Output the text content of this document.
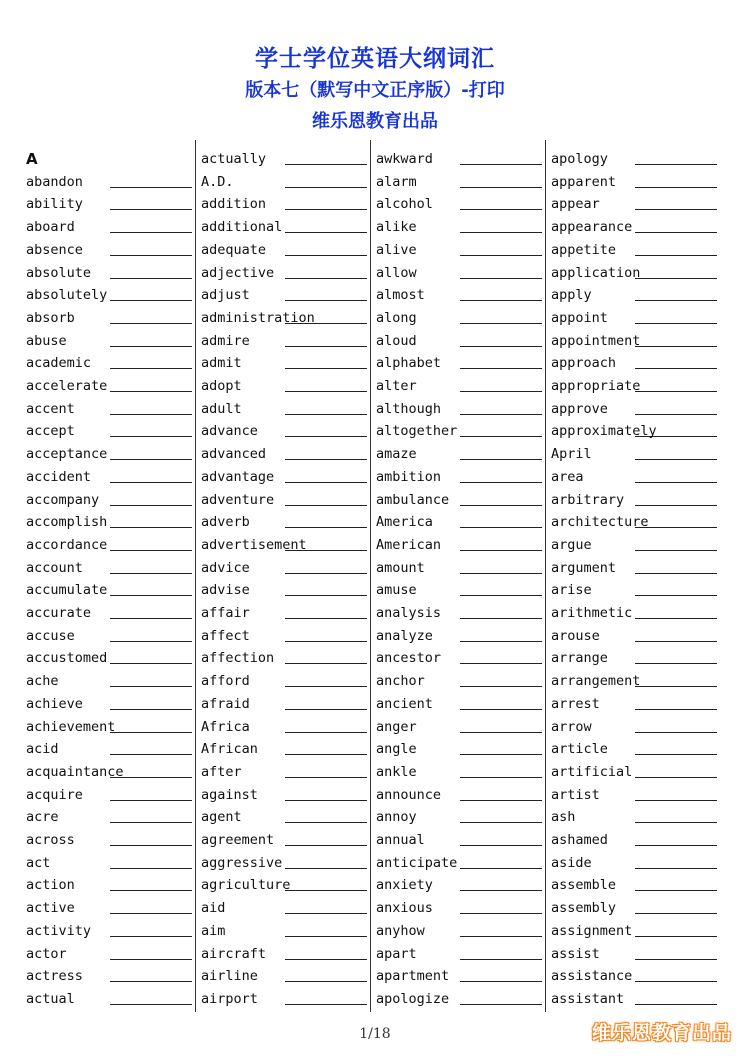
学士学位英语大纲词汇
版本七（默写中文正序版）-打印
维乐恩教育出品
A
abandon
ability
aboard
absence
absolute
absolutely
absorb
abuse
academic
accelerate
accent
accept
acceptance
accident
accompany
accomplish
accordance
account
accumulate
accurate
accuse
accustomed
ache
achieve
achievement
acid
acquaintance
acquire
acre
across
act
action
active
activity
actor
actress
actual
actually
A.D.
addition
additional
adequate
adjective
adjust
administration
admire
admit
adopt
adult
advance
advanced
advantage
adventure
adverb
advertisement
advice
advise
affair
affect
affection
afford
afraid
Africa
African
after
against
agent
agreement
aggressive
agriculture
aid
aim
aircraft
airline
airport
awkward
alarm
alcohol
alike
alive
allow
almost
along
aloud
alphabet
alter
although
altogether
amaze
ambition
ambulance
America
American
amount
amuse
analysis
analyze
ancestor
anchor
ancient
anger
angle
ankle
announce
annoy
annual
anticipate
anxiety
anxious
anyhow
apart
apartment
apologize
apology
apparent
appear
appearance
appetite
application
apply
appoint
appointment
approach
appropriate
approve
approximately
April
area
arbitrary
architecture
argue
argument
arise
arithmetic
arouse
arrange
arrangement
arrest
arrow
article
artificial
artist
ash
ashamed
aside
assemble
assembly
assignment
assist
assistance
assistant
1/18	维乐恩教育出品
